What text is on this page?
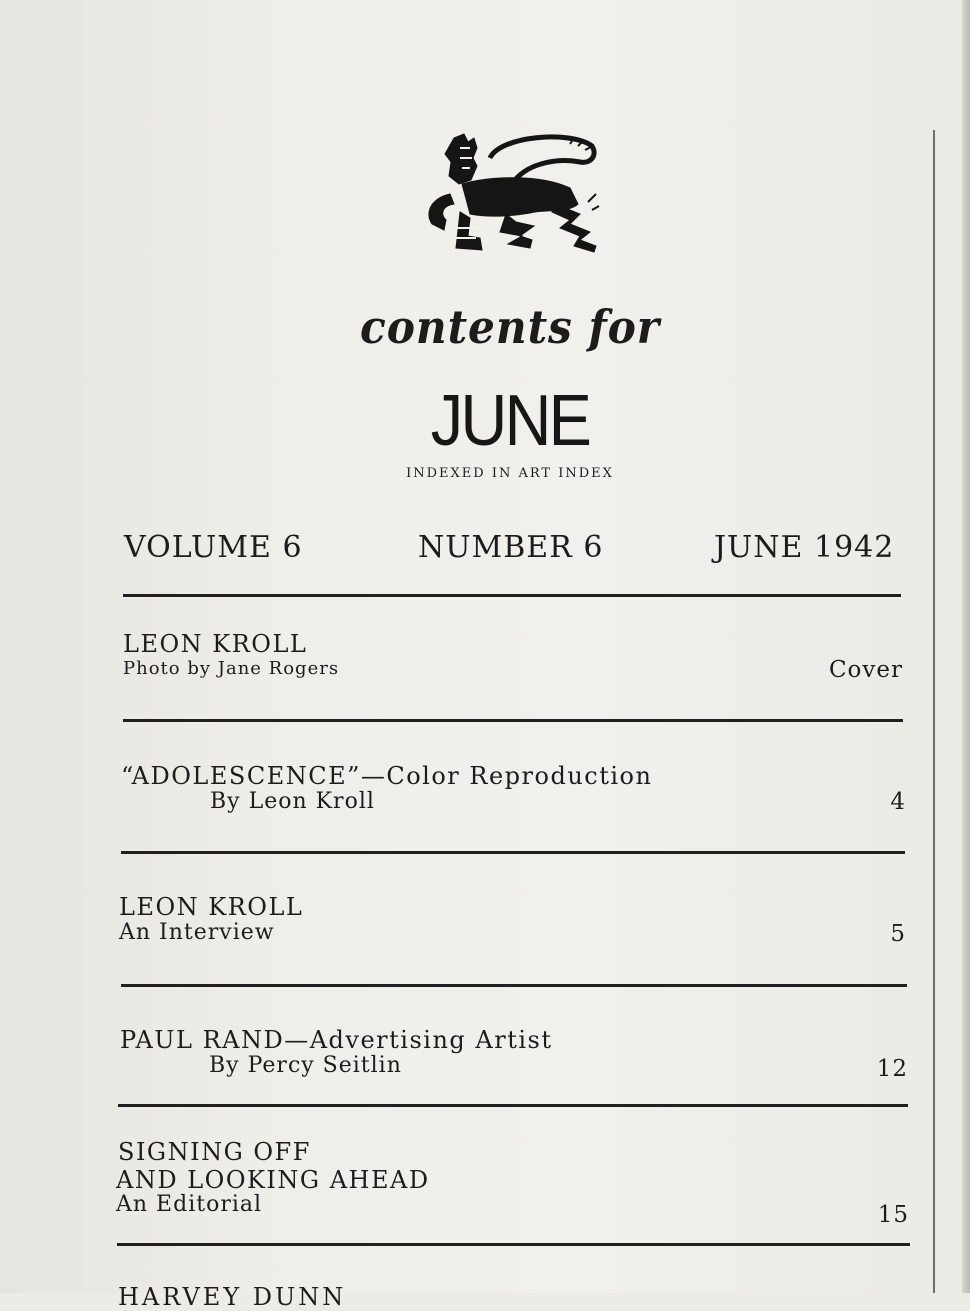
contents for
JUNE
INDEXED IN ART INDEX
VOLUME 6	NUMBER 6	JUNE 1942
LEON KROLL
Photo by Jane Rogers	Cover
“ADOLESCENCE”—Color Reproduction
By Leon Kroll	4
LEON KROLL
An Interview	5
PAUL RAND—Advertising Artist
By Percy Seitlin	12
SIGNING OFF
AND LOOKING AHEAD
An Editorial	15
HARVEY DUNN
